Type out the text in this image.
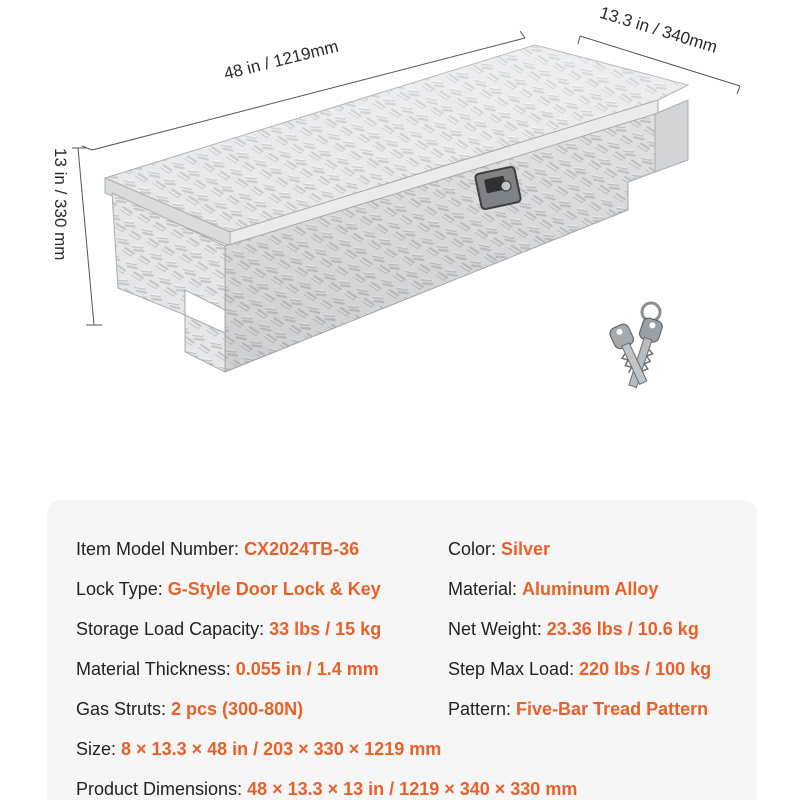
48 in / 1219mm
13.3 in / 340mm
13 in / 330 mm
Item Model Number: CX2024TB-36	Color: Silver
Lock Type: G-Style Door Lock & Key	Material: Aluminum Alloy
Storage Load Capacity: 33 lbs / 15 kg	Net Weight: 23.36 lbs / 10.6 kg
Material Thickness: 0.055 in / 1.4 mm	Step Max Load: 220 lbs / 100 kg
Gas Struts: 2 pcs (300-80N)	Pattern: Five-Bar Tread Pattern
Size: 8 × 13.3 × 48 in / 203 × 330 × 1219 mm
Product Dimensions: 48 × 13.3 × 13 in / 1219 × 340 × 330 mm
